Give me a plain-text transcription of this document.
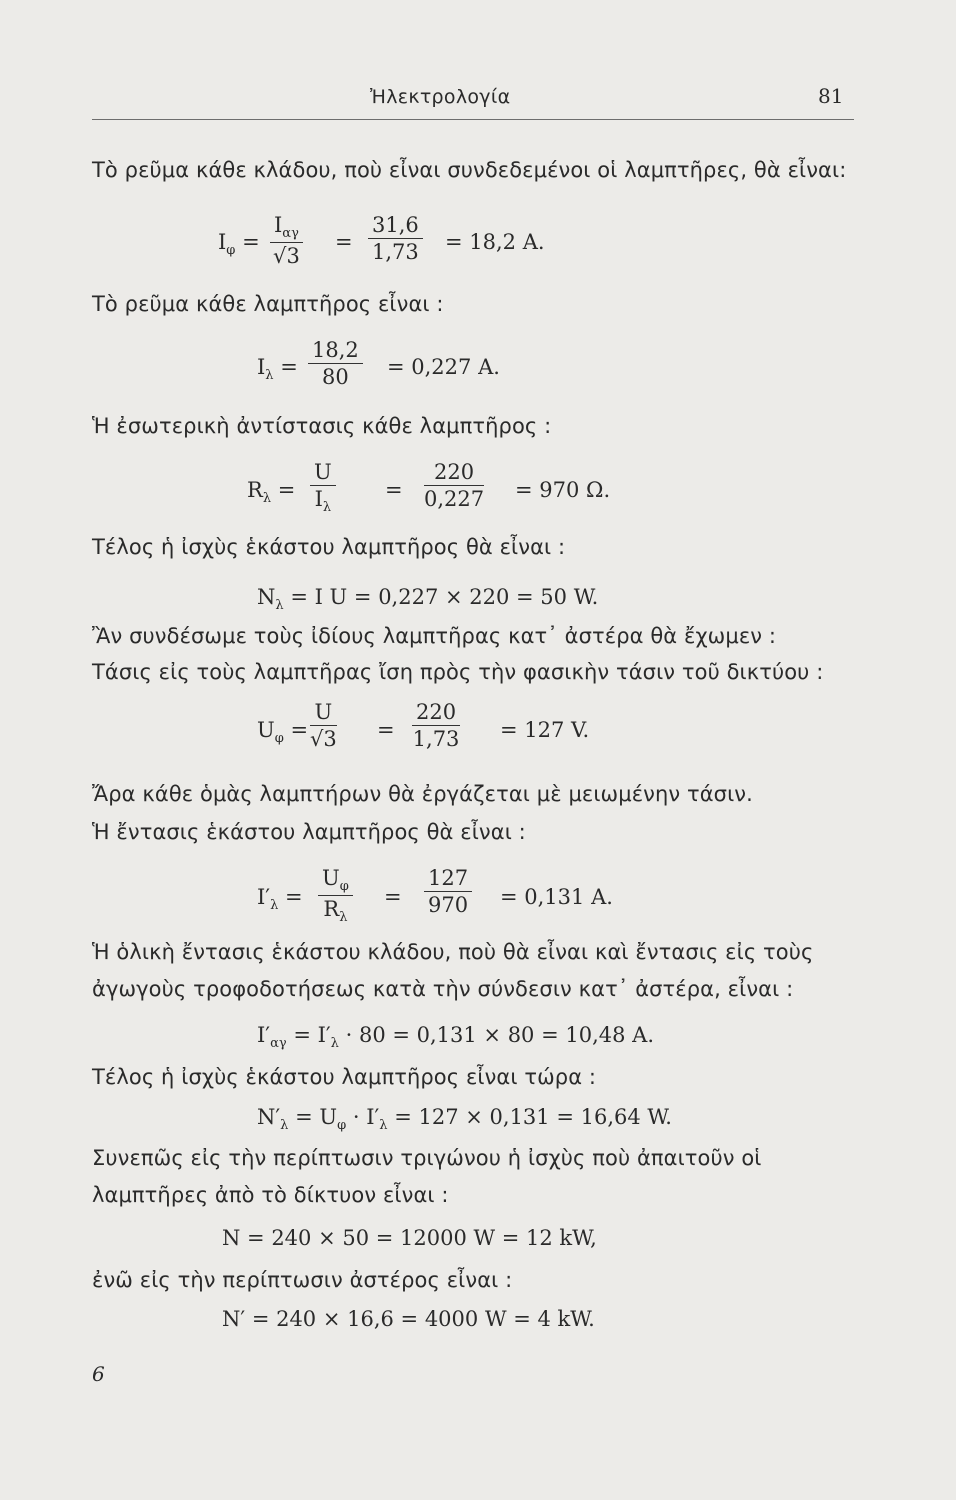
Ἠλεκτρολογία	81
Τὸ ρεῦμα κάθε κλάδου, ποὺ εἶναι συνδεδεμένοι οἱ λαμπτῆρες, θὰ εἶναι:
$I_\varphi$ =
$I_{\alpha\gamma}$
√3
= $\frac{31,6}{1,73} = 18,2$ A.
Τὸ ρεῦμα κάθε λαμπτῆρος εἶναι :
$I_\lambda = \frac{18,2}{80} = 0,227$ A.
Ἡ ἐσωτερικὴ ἀντίστασις κάθε λαμπτῆρος :
$R_\lambda = \frac{U}{I_\lambda} = \frac{220}{0,227} = 970$ Ω.
Τέλος ἡ ἰσχὺς ἑκάστου λαμπτῆρος θὰ εἶναι :
$N_\lambda = I$ U = 0,227 × 220 = 50 W.
Ἂν συνδέσωμε τοὺς ἰδίους λαμπτῆρας κατ᾽ ἀστέρα θὰ ἔχωμεν :
Τάσις εἰς τοὺς λαμπτῆρας ἴση πρὸς τὴν φασικὴν τάσιν τοῦ δικτύου :
$U_\varphi = \frac{U}{√3} = \frac{220}{1,73} = 127$ V.
Ἄρα κάθε ὁμὰς λαμπτήρων θὰ ἐργάζεται μὲ μειωμένην τάσιν.
Ἡ ἔντασις ἑκάστου λαμπτῆρος θὰ εἶναι :
$I'_\lambda = \frac{U_\varphi}{R_\lambda} = \frac{127}{970} = 0,131$ A.
Ἡ ὁλικὴ ἔντασις ἑκάστου κλάδου, ποὺ θὰ εἶναι καὶ ἔντασις εἰς τοὺς
ἀγωγοὺς τροφοδοτήσεως κατὰ τὴν σύνδεσιν κατ᾽ ἀστέρα, εἶναι :
$I'_{\alpha\gamma} = I'_\lambda \cdot 80 = 0,131 \times 80 = 10,48$ A.
Τέλος ἡ ἰσχὺς ἑκάστου λαμπτῆρος εἶναι τώρα :
$N'_\lambda = U_\varphi \cdot I'_\lambda = 127 \times 0,131 = 16,64$ W.
Συνεπῶς εἰς τὴν περίπτωσιν τριγώνου ἡ ἰσχὺς ποὺ ἀπαιτοῦν οἱ
λαμπτῆρες ἀπὸ τὸ δίκτυον εἶναι :
N = 240 × 50 = 12000 W = 12 kW,
ἐνῶ εἰς τὴν περίπτωσιν ἀστέρος εἶναι :
N′ = 240 × 16,6 = 4000 W = 4 kW.
6
